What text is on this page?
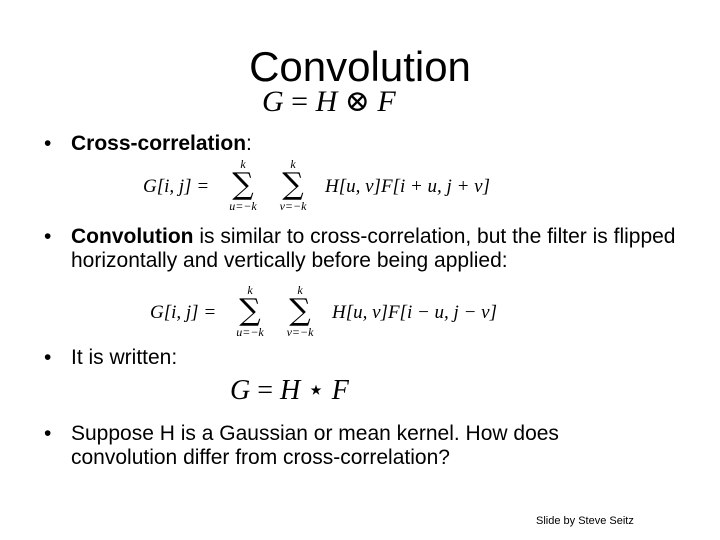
Convolution
G = H ⊗ F
• Cross-correlation:
G[i, j] =
k
∑
u=−k
k
∑
v=−k
H[u, v]F[i + u, j + v]
• Convolution is similar to cross-correlation, but the filter is flipped horizontally and vertically before being applied:
G[i, j] =
k
∑
u=−k
k
∑
v=−k
H[u, v]F[i − u, j − v]
• It is written:
G = H ⋆ F
• Suppose H is a Gaussian or mean kernel. How does convolution differ from cross-correlation?
Slide by Steve Seitz
